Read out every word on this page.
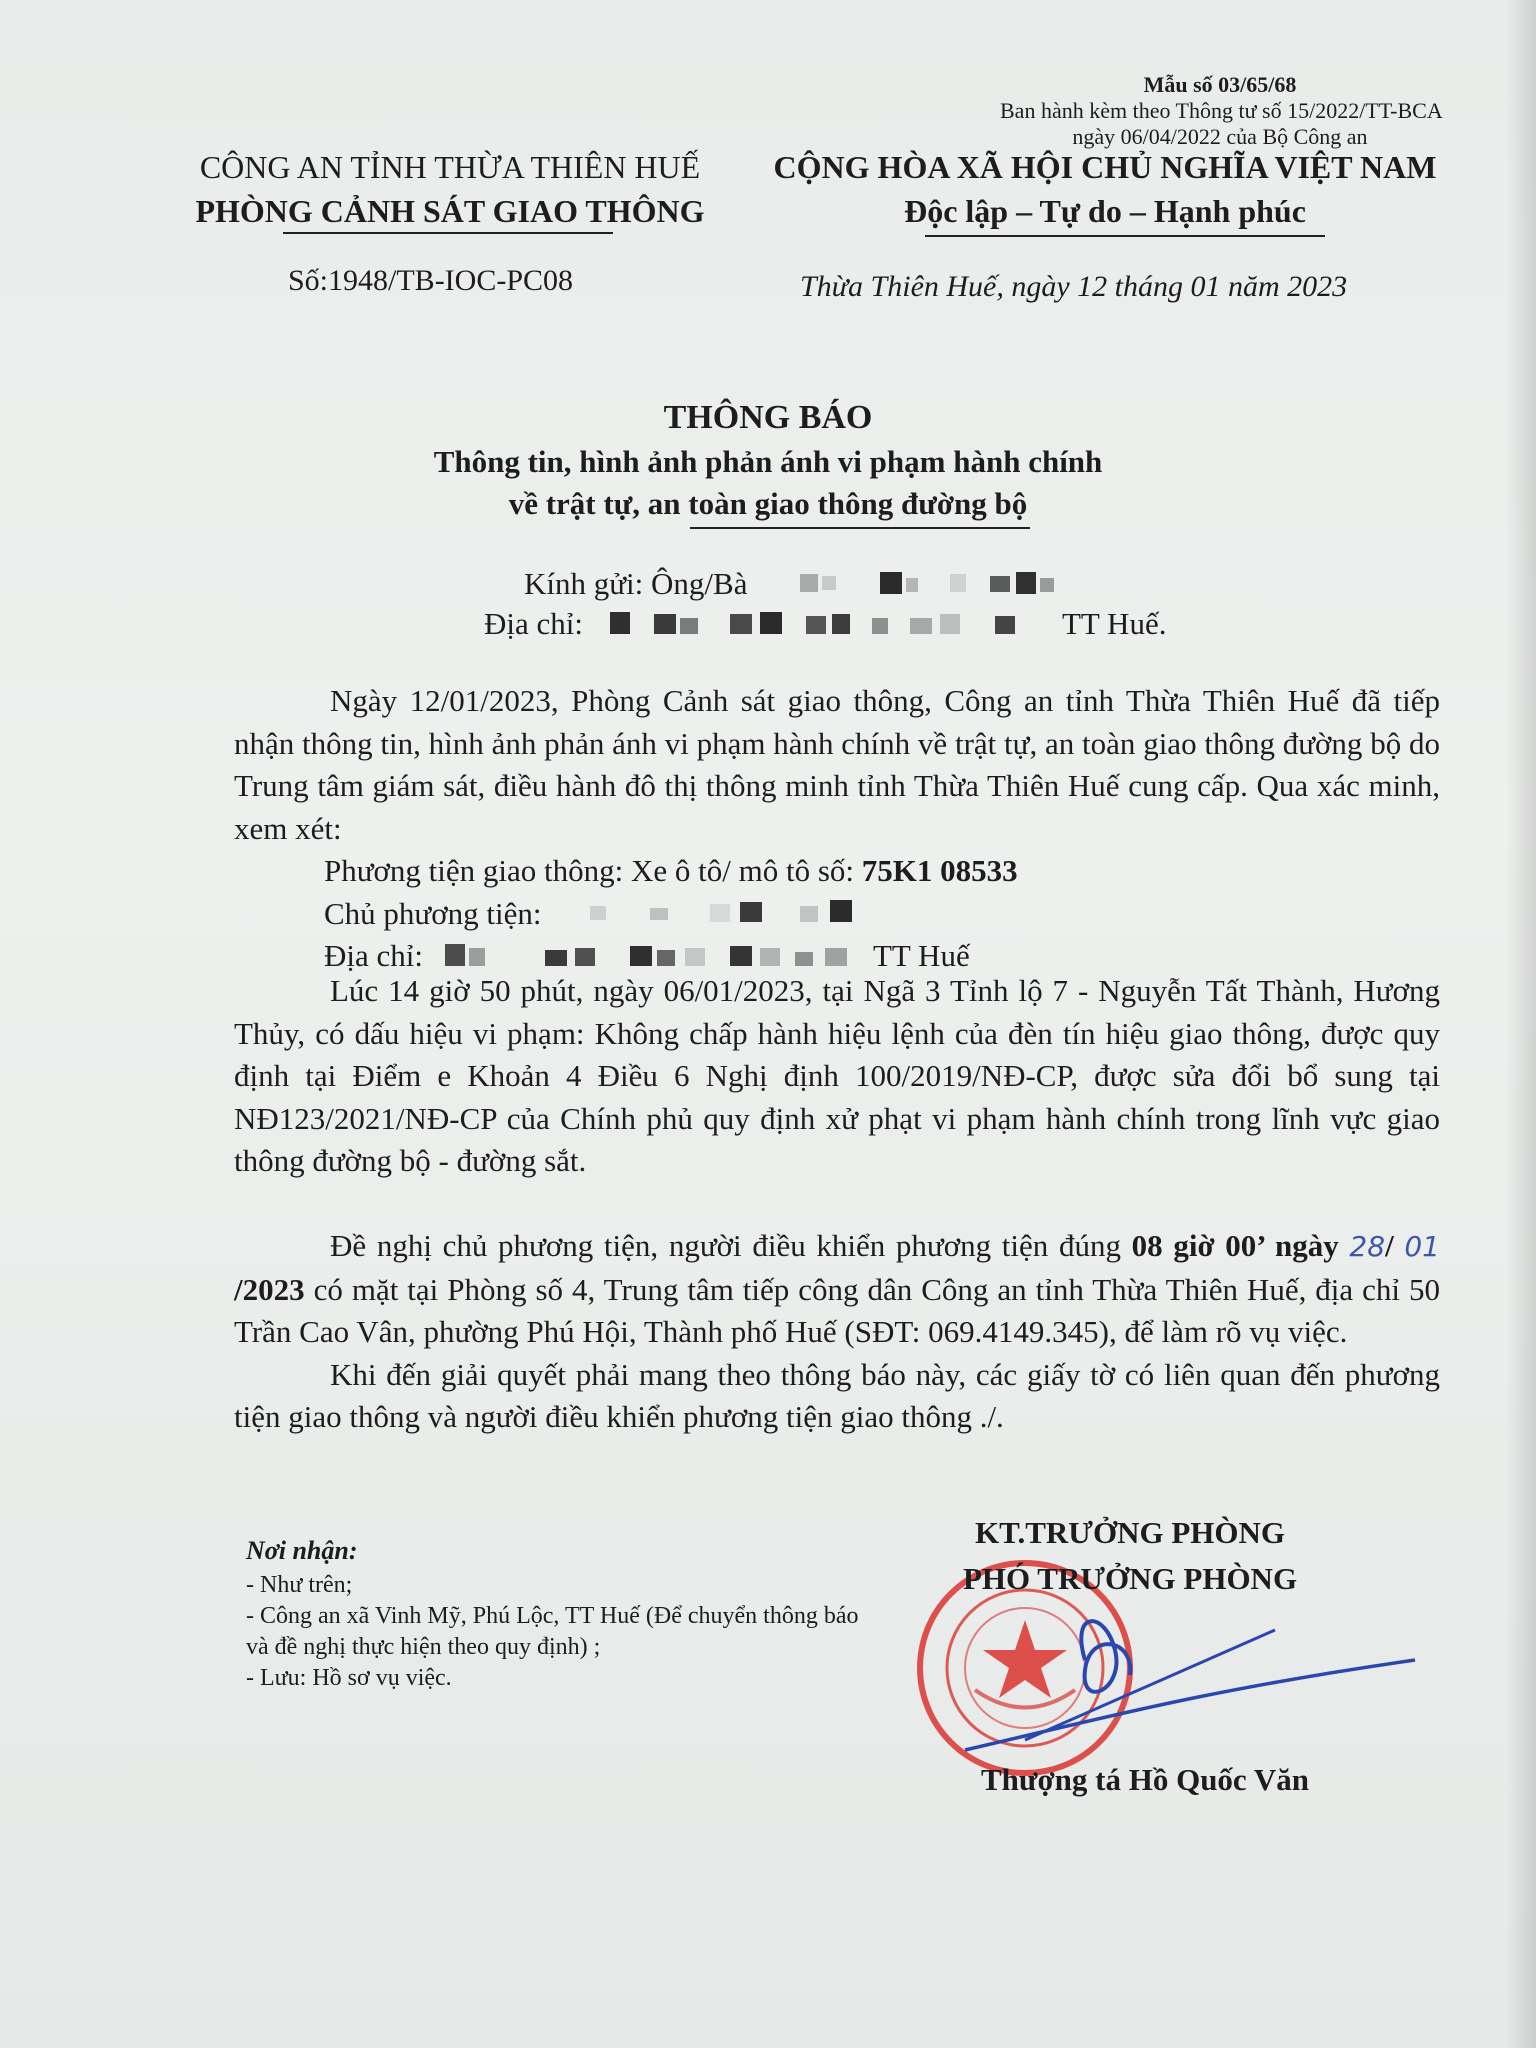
Mẫu số 03/65/68
Ban hành kèm theo Thông tư số 15/2022/TT-BCA
ngày 06/04/2022 của Bộ Công an
CÔNG AN TỈNH THỪA THIÊN HUẾ
PHÒNG CẢNH SÁT GIAO THÔNG
CỘNG HÒA XÃ HỘI CHỦ NGHĨA VIỆT NAM
Độc lập – Tự do – Hạnh phúc
Số:1948/TB-IOC-PC08	Thừa Thiên Huế, ngày 12 tháng 01 năm 2023
THÔNG BÁO
Thông tin, hình ảnh phản ánh vi phạm hành chính
về trật tự, an toàn giao thông đường bộ
Kính gửi: Ông/Bà
Địa chỉ:	TT Huế.

Ngày 12/01/2023, Phòng Cảnh sát giao thông, Công an tỉnh Thừa Thiên Huế đã tiếp nhận thông tin, hình ảnh phản ánh vi phạm hành chính về trật tự, an toàn giao thông đường bộ do Trung tâm giám sát, điều hành đô thị thông minh tỉnh Thừa Thiên Huế cung cấp. Qua xác minh, xem xét:

Phương tiện giao thông: Xe ô tô/ mô tô số: 75K1 08533
Chủ phương tiện:
Địa chỉ:	TT Huế

Lúc 14 giờ 50 phút, ngày 06/01/2023, tại Ngã 3 Tỉnh lộ 7 - Nguyễn Tất Thành, Hương Thủy, có dấu hiệu vi phạm: Không chấp hành hiệu lệnh của đèn tín hiệu giao thông, được quy định tại Điểm e Khoản 4 Điều 6 Nghị định 100/2019/NĐ-CP, được sửa đổi bổ sung tại NĐ123/2021/NĐ-CP của Chính phủ quy định xử phạt vi phạm hành chính trong lĩnh vực giao thông đường bộ - đường sắt.

Đề nghị chủ phương tiện, người điều khiển phương tiện đúng 08 giờ 00’ ngày 28/ 01 /2023 có mặt tại Phòng số 4, Trung tâm tiếp công dân Công an tỉnh Thừa Thiên Huế, địa chỉ 50 Trần Cao Vân, phường Phú Hội, Thành phố Huế (SĐT: 069.4149.345), để làm rõ vụ việc.

Khi đến giải quyết phải mang theo thông báo này, các giấy tờ có liên quan đến phương tiện giao thông và người điều khiển phương tiện giao thông ./.

Nơi nhận:
- Như trên;
- Công an xã Vinh Mỹ, Phú Lộc, TT Huế (Để chuyển thông báo và đề nghị thực hiện theo quy định) ;
- Lưu: Hồ sơ vụ việc.
KT.TRƯỞNG PHÒNG
PHÓ TRƯỞNG PHÒNG
Thượng tá Hồ Quốc Văn
